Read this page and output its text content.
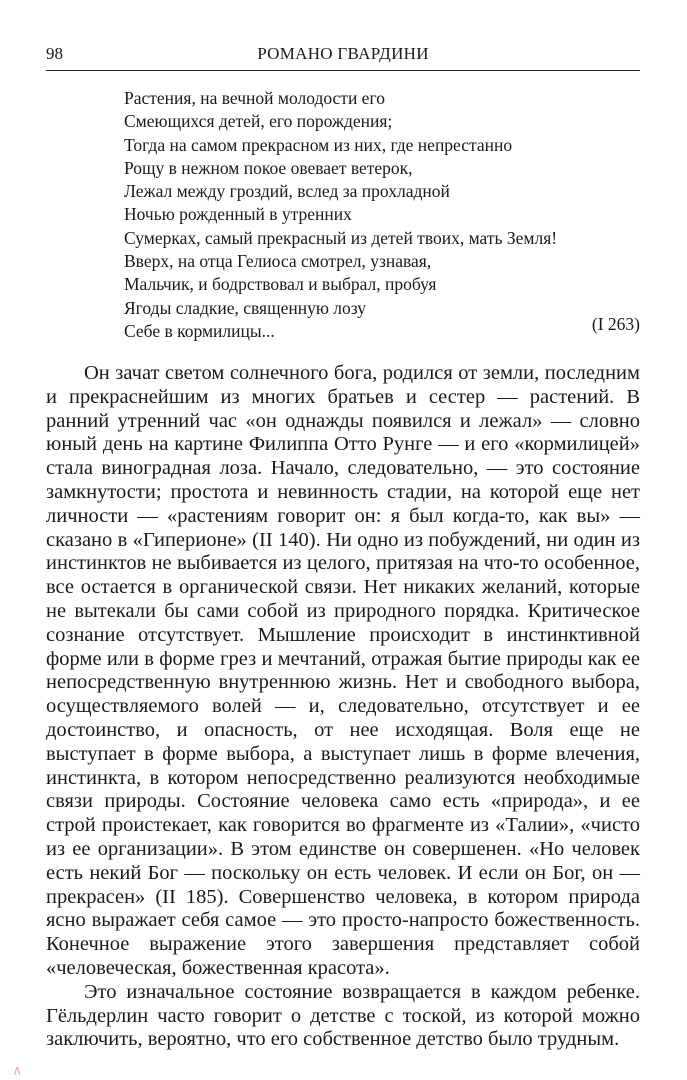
98	РОМАНО ГВАРДИНИ
Растения, на вечной молодости его
Смеющихся детей, его порождения;
Тогда на самом прекрасном из них, где непрестанно
Рощу в нежном покое овевает ветерок,
Лежал между гроздий, вслед за прохладной
Ночью рожденный в утренних
Сумерках, самый прекрасный из детей твоих, мать Земля!
Вверх, на отца Гелиоса смотрел, узнавая,
Мальчик, и бодрствовал и выбрал, пробуя
Ягоды сладкие, священную лозу
Себе в кормилицы...	(I 263)

Он зачат светом солнечного бога, родился от земли, последним и прекраснейшим из многих братьев и сестер — растений. В ранний утренний час «он однажды появился и лежал» — словно юный день на картине Филиппа Отто Рунге — и его «кормилицей» стала виноградная лоза. Начало, следовательно, — это состояние замкнутости; простота и невинность стадии, на которой еще нет личности — «растениям говорит он: я был когда-то, как вы» — сказано в «Гиперионе» (II 140). Ни одно из побуждений, ни один из инстинктов не выбивается из целого, притязая на что-то особенное, все остается в органической связи. Нет никаких желаний, которые не вытекали бы сами собой из природного порядка. Критическое сознание отсутствует. Мышление происходит в инстинктивной форме или в форме грез и мечтаний, отражая бытие природы как ее непосредственную внутреннюю жизнь. Нет и свободного выбора, осуществляемого волей — и, следовательно, отсутствует и ее достоинство, и опасность, от нее исходящая. Воля еще не выступает в форме выбора, а выступает лишь в форме влечения, инстинкта, в котором непосредственно реализуются необходимые связи природы. Состояние человека само есть «природа», и ее строй проистекает, как говорится во фрагменте из «Талии», «чисто из ее организации». В этом единстве он совершенен. «Но человек есть некий Бог — поскольку он есть человек. И если он Бог, он — прекрасен» (II 185). Совершенство человека, в котором природа ясно выражает себя самое — это просто-напросто божественность. Конечное выражение этого завершения представляет собой «человеческая, божественная красота».

Это изначальное состояние возвращается в каждом ребенке. Гёльдерлин часто говорит о детстве с тоской, из которой можно заключить, вероятно, что его собственное детство было трудным.

∧
